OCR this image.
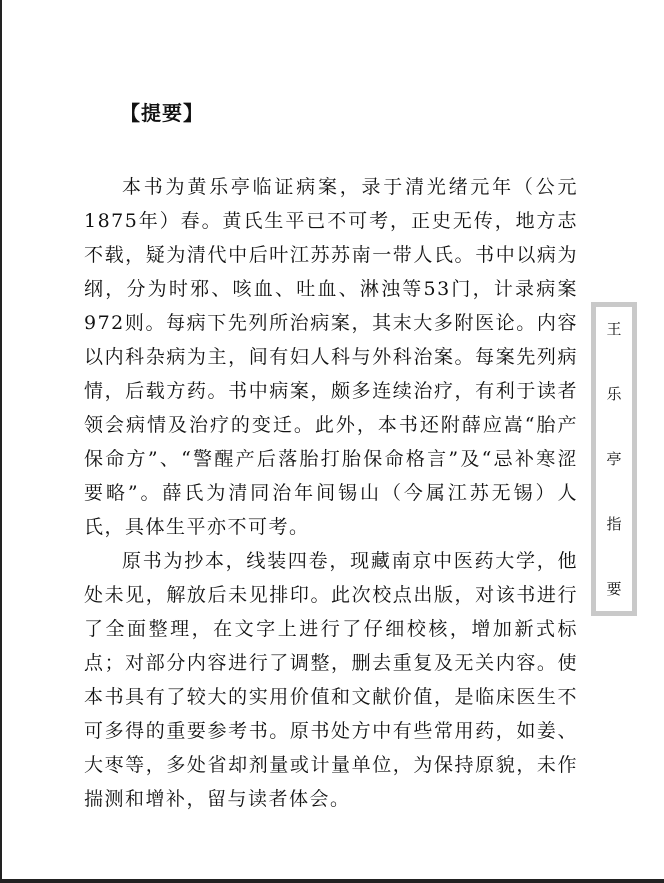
【提要】

本书为黄乐亭临证病案，录于清光绪元年（公元1875年）春。黄氏生平已不可考，正史无传，地方志不载，疑为清代中后叶江苏苏南一带人氏。书中以病为纲，分为时邪、咳血、吐血、淋浊等53门，计录病案972则。每病下先列所治病案，其末大多附医论。内容以内科杂病为主，间有妇人科与外科治案。每案先列病情，后载方药。书中病案，颇多连续治疗，有利于读者领会病情及治疗的变迁。此外，本书还附薛应嵩“胎产保命方”、“警醒产后落胎打胎保命格言”及“忌补寒涩要略”。薛氏为清同治年间锡山（今属江苏无锡）人氏，具体生平亦不可考。

原书为抄本，线装四卷，现藏南京中医药大学，他处未见，解放后未见排印。此次校点出版，对该书进行了全面整理，在文字上进行了仔细校核，增加新式标点；对部分内容进行了调整，删去重复及无关内容。使本书具有了较大的实用价值和文献价值，是临床医生不可多得的重要参考书。原书处方中有些常用药，如姜、大枣等，多处省却剂量或计量单位，为保持原貌，未作揣测和增补，留与读者体会。

王
乐
亭
指
要
